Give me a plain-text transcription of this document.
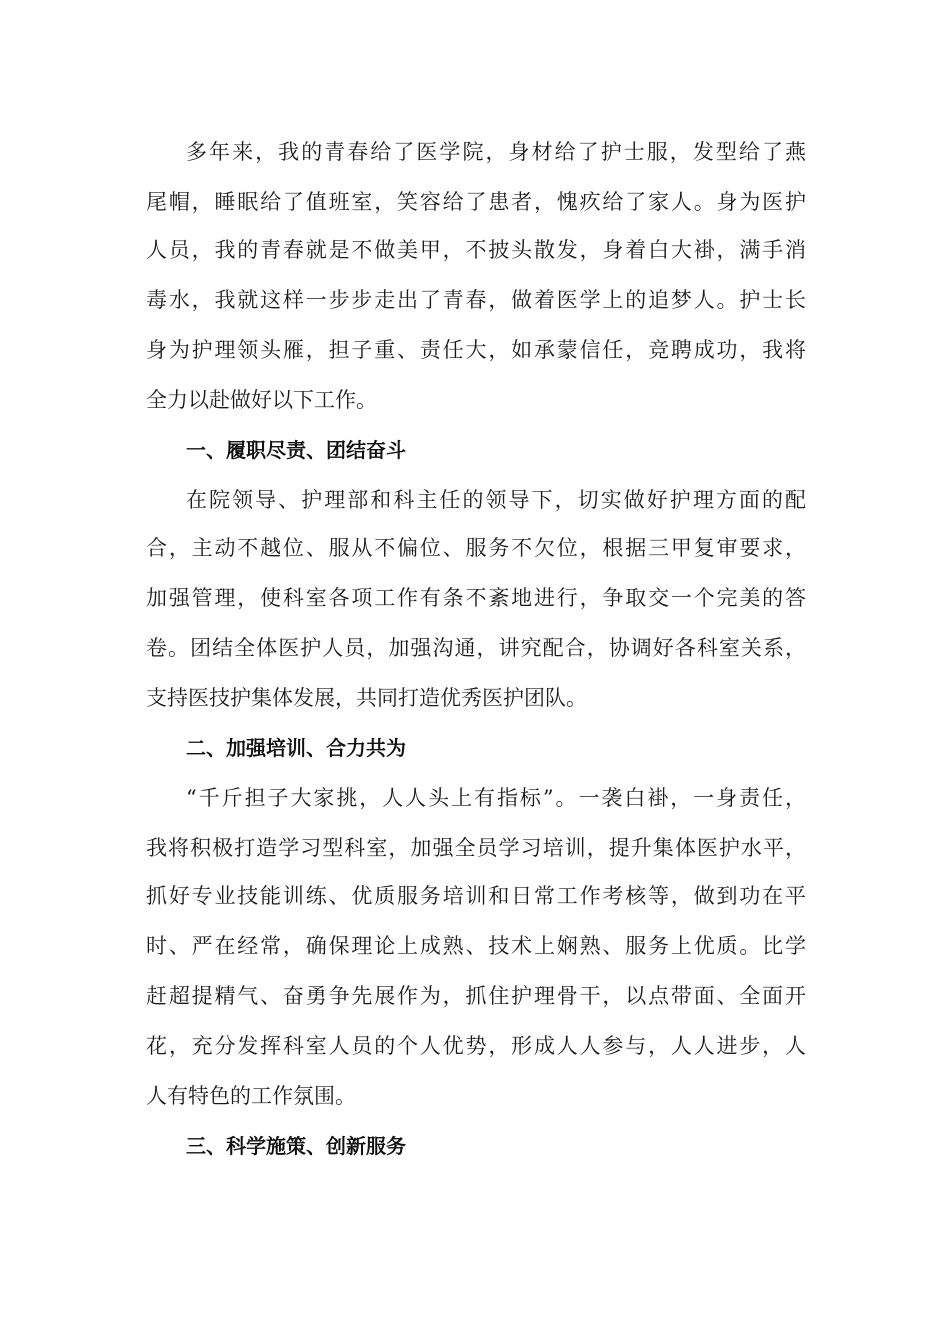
多年来，我的青春给了医学院，身材给了护士服，发型给了燕
尾帽，睡眠给了值班室，笑容给了患者，愧疚给了家人。身为医护
人员，我的青春就是不做美甲，不披头散发，身着白大褂，满手消
毒水，我就这样一步步走出了青春，做着医学上的追梦人。护士长
身为护理领头雁，担子重、责任大，如承蒙信任，竞聘成功，我将
全力以赴做好以下工作。
一、履职尽责、团结奋斗
在院领导、护理部和科主任的领导下，切实做好护理方面的配
合，主动不越位、服从不偏位、服务不欠位，根据三甲复审要求，
加强管理，使科室各项工作有条不紊地进行，争取交一个完美的答
卷。团结全体医护人员，加强沟通，讲究配合，协调好各科室关系，
支持医技护集体发展，共同打造优秀医护团队。
二、加强培训、合力共为
“千斤担子大家挑，人人头上有指标”。一袭白褂，一身责任，
我将积极打造学习型科室，加强全员学习培训，提升集体医护水平，
抓好专业技能训练、优质服务培训和日常工作考核等，做到功在平
时、严在经常，确保理论上成熟、技术上娴熟、服务上优质。比学
赶超提精气、奋勇争先展作为，抓住护理骨干，以点带面、全面开
花，充分发挥科室人员的个人优势，形成人人参与，人人进步，人
人有特色的工作氛围。
三、科学施策、创新服务
